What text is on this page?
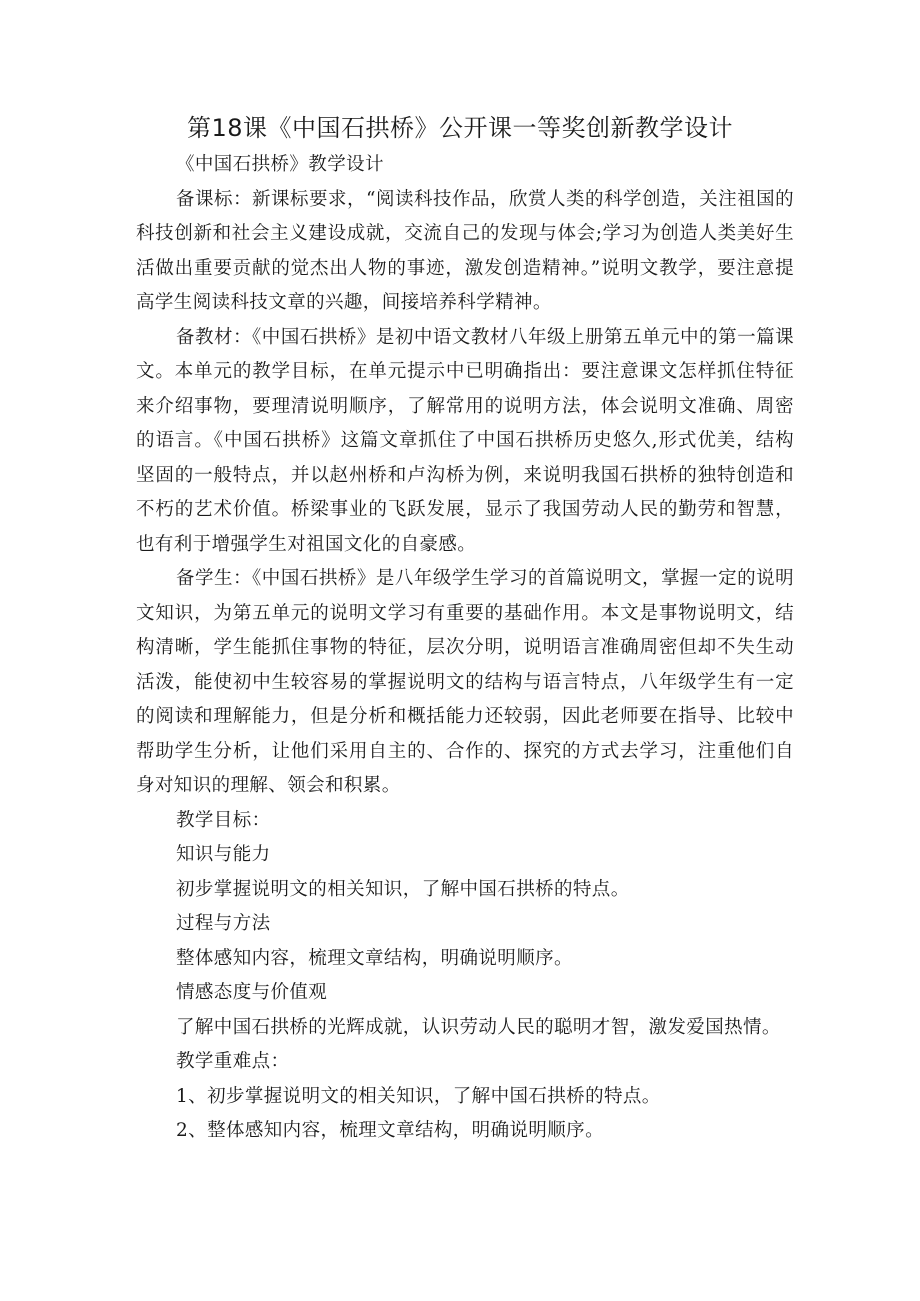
第18课《中国石拱桥》公开课一等奖创新教学设计

《中国石拱桥》教学设计

备课标：新课标要求，“阅读科技作品，欣赏人类的科学创造，关注祖国的科技创新和社会主义建设成就，交流自己的发现与体会;学习为创造人类美好生活做出重要贡献的觉杰出人物的事迹，激发创造精神。”说明文教学，要注意提高学生阅读科技文章的兴趣，间接培养科学精神。

备教材：《中国石拱桥》是初中语文教材八年级上册第五单元中的第一篇课文。本单元的教学目标，在单元提示中已明确指出：要注意课文怎样抓住特征来介绍事物，要理清说明顺序，了解常用的说明方法，体会说明文准确、周密的语言。《中国石拱桥》这篇文章抓住了中国石拱桥历史悠久,形式优美，结构坚固的一般特点，并以赵州桥和卢沟桥为例，来说明我国石拱桥的独特创造和不朽的艺术价值。桥梁事业的飞跃发展，显示了我国劳动人民的勤劳和智慧，也有利于增强学生对祖国文化的自豪感。

备学生：《中国石拱桥》是八年级学生学习的首篇说明文，掌握一定的说明文知识，为第五单元的说明文学习有重要的基础作用。本文是事物说明文，结构清晰，学生能抓住事物的特征，层次分明，说明语言准确周密但却不失生动活泼，能使初中生较容易的掌握说明文的结构与语言特点，八年级学生有一定的阅读和理解能力，但是分析和概括能力还较弱，因此老师要在指导、比较中帮助学生分析，让他们采用自主的、合作的、探究的方式去学习，注重他们自身对知识的理解、领会和积累。

教学目标：

知识与能力

初步掌握说明文的相关知识，了解中国石拱桥的特点。

过程与方法

整体感知内容，梳理文章结构，明确说明顺序。

情感态度与价值观

了解中国石拱桥的光辉成就，认识劳动人民的聪明才智，激发爱国热情。

教学重难点：

1、初步掌握说明文的相关知识，了解中国石拱桥的特点。

2、整体感知内容，梳理文章结构，明确说明顺序。
